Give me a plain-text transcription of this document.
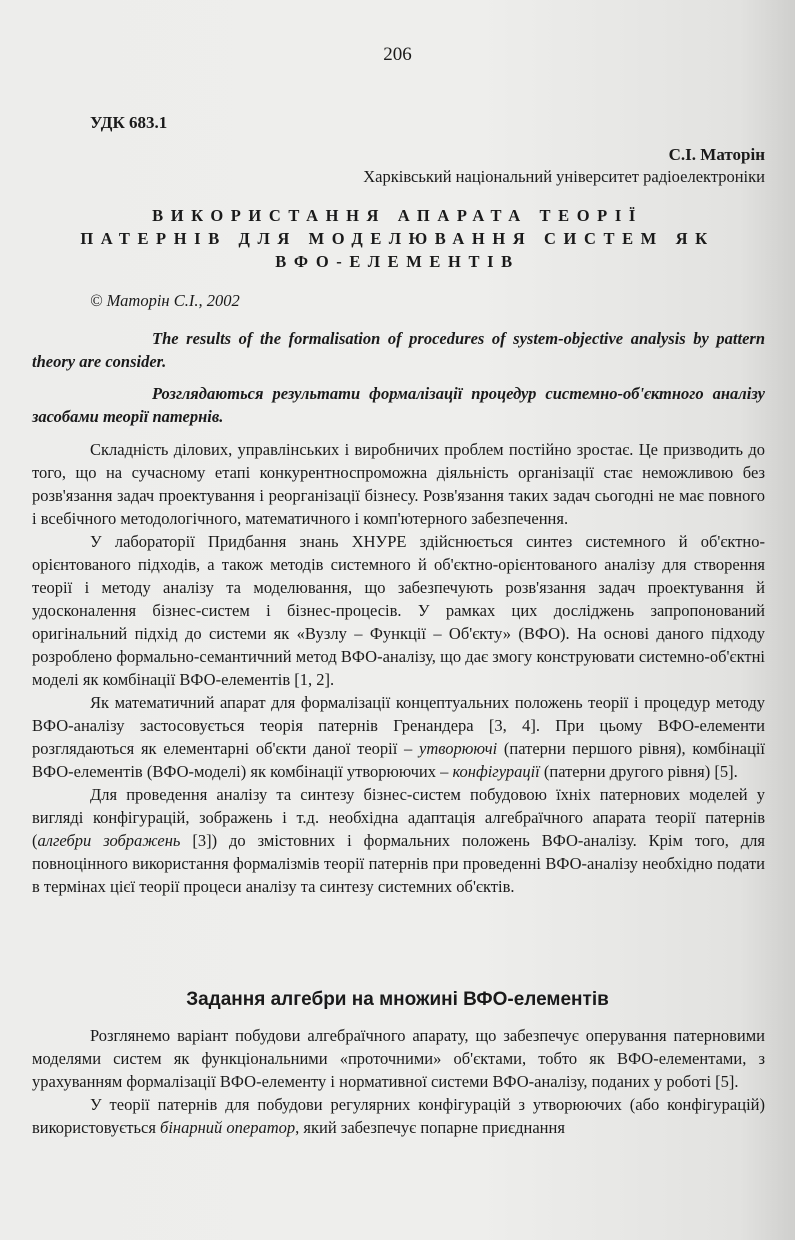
206
УДК 683.1
С.І. Маторін
Харківський національний університет радіоелектроніки
ВИКОРИСТАННЯ АПАРАТА ТЕОРІЇ
ПАТЕРНІВ ДЛЯ МОДЕЛЮВАННЯ СИСТЕМ ЯК
ВФО-ЕЛЕМЕНТІВ
© Маторін С.І., 2002
The results of the formalisation of procedures of system-objective analysis by pattern theory are consider.
Розглядаються результати формалізації процедур системно-об'єктного аналізу засобами теорії патернів.

Складність ділових, управлінських і виробничих проблем постійно зростає. Це призводить до того, що на сучасному етапі конкурентноспроможна діяльність організації стає неможливою без розв'язання задач проектування і реорганізації бізнесу. Розв'язання таких задач сьогодні не має повного і всебічного методологічного, математичного і комп'ютерного забезпечення.

У лабораторії Придбання знань ХНУРЕ здійснюється синтез системного й об'єктно-орієнтованого підходів, а також методів системного й об'єктно-орієнтованого аналізу для створення теорії і методу аналізу та моделювання, що забезпечують розв'язання задач проектування й удосконалення бізнес-систем і бізнес-процесів. У рамках цих досліджень запропонований оригінальний підхід до системи як «Вузлу – Функції – Об'єкту» (ВФО). На основі даного підходу розроблено формально-семантичний метод ВФО-аналізу, що дає змогу конструювати системно-об'єктні моделі як комбінації ВФО-елементів [1, 2].

Як математичний апарат для формалізації концептуальних положень теорії і процедур методу ВФО-аналізу застосовується теорія патернів Гренандера [3, 4]. При цьому ВФО-елементи розглядаються як елементарні об'єкти даної теорії – утворюючі (патерни першого рівня), комбінації ВФО-елементів (ВФО-моделі) як комбінації утворюючих – конфігурації (патерни другого рівня) [5].

Для проведення аналізу та синтезу бізнес-систем побудовою їхніх патернових моделей у вигляді конфігурацій, зображень і т.д. необхідна адаптація алгебраїчного апарата теорії патернів (алгебри зображень [3]) до змістовних і формальних положень ВФО-аналізу. Крім того, для повноцінного використання формалізмів теорії патернів при проведенні ВФО-аналізу необхідно подати в термінах цієї теорії процеси аналізу та синтезу системних об'єктів.

Задання алгебри на множині ВФО-елементів

Розглянемо варіант побудови алгебраїчного апарату, що забезпечує оперування патерновими моделями систем як функціональними «проточними» об'єктами, тобто як ВФО-елементами, з урахуванням формалізації ВФО-елементу і нормативної системи ВФО-аналізу, поданих у роботі [5].

У теорії патернів для побудови регулярних конфігурацій з утворюючих (або конфігурацій) використовується бінарний оператор, який забезпечує попарне приєднання
